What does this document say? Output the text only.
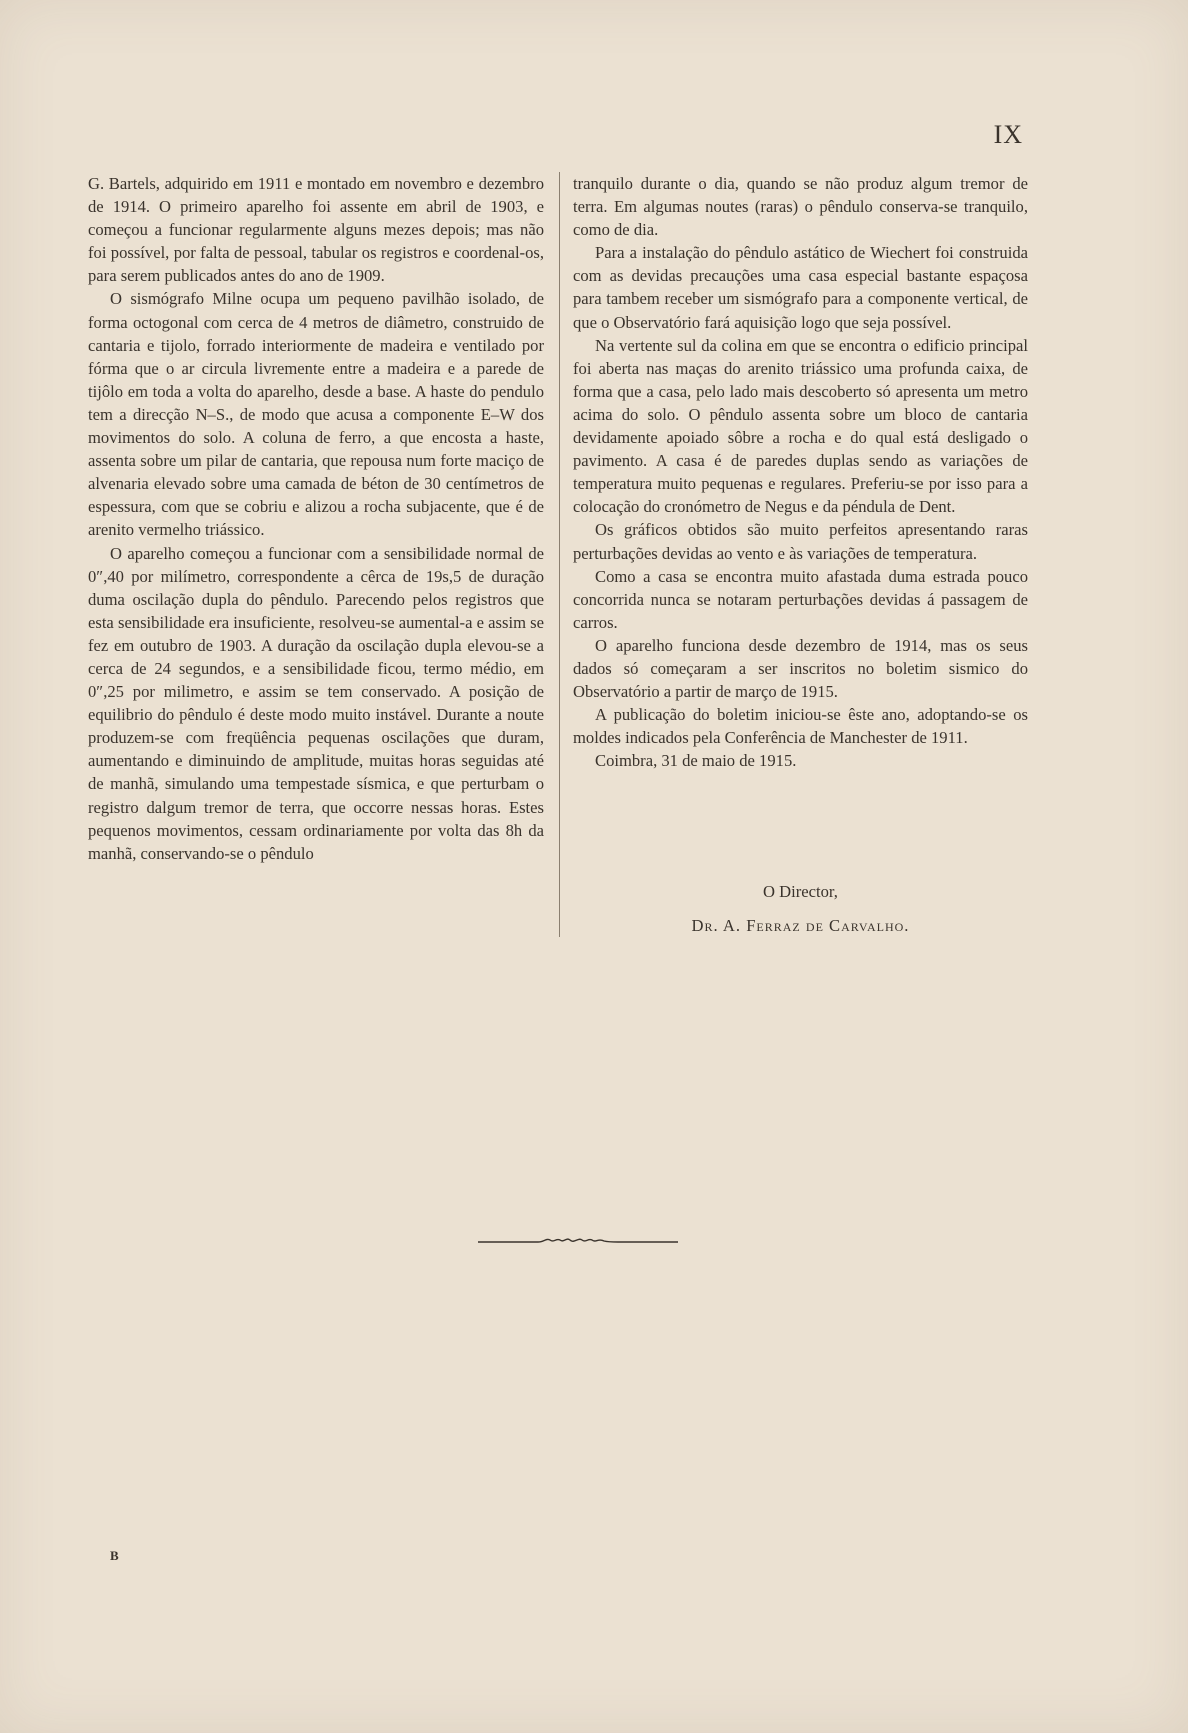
IX

G. Bartels, adquirido em 1911 e montado em novembro e dezembro de 1914. O primeiro aparelho foi assente em abril de 1903, e começou a funcionar regularmente alguns mezes depois; mas não foi possível, por falta de pessoal, tabular os registros e coordenal-os, para serem publicados antes do ano de 1909.

O sismógrafo Milne ocupa um pequeno pavilhão isolado, de forma octogonal com cerca de 4 metros de diâmetro, construido de cantaria e tijolo, forrado interiormente de madeira e ventilado por fórma que o ar circula livremente entre a madeira e a parede de tijôlo em toda a volta do aparelho, desde a base. A haste do pendulo tem a direcção N–S., de modo que acusa a componente E–W dos movimentos do solo. A coluna de ferro, a que encosta a haste, assenta sobre um pilar de cantaria, que repousa num forte maciço de alvenaria elevado sobre uma camada de béton de 30 centímetros de espessura, com que se cobriu e alizou a rocha subjacente, que é de arenito vermelho triássico.

O aparelho começou a funcionar com a sensibilidade normal de 0″,40 por milímetro, correspondente a cêrca de 19s,5 de duração duma oscilação dupla do pêndulo. Parecendo pelos registros que esta sensibilidade era insuficiente, resolveu-se aumental-a e assim se fez em outubro de 1903. A duração da oscilação dupla elevou-se a cerca de 24 segundos, e a sensibilidade ficou, termo médio, em 0″,25 por milimetro, e assim se tem conservado. A posição de equilibrio do pêndulo é deste modo muito instável. Durante a noute produzem-se com freqüência pequenas oscilações que duram, aumentando e diminuindo de amplitude, muitas horas seguidas até de manhã, simulando uma tempestade sísmica, e que perturbam o registro dalgum tremor de terra, que occorre nessas horas. Estes pequenos movimentos, cessam ordinariamente por volta das 8h da manhã, conservando-se o pêndulo

tranquilo durante o dia, quando se não produz algum tremor de terra. Em algumas noutes (raras) o pêndulo conserva-se tranquilo, como de dia.

Para a instalação do pêndulo astático de Wiechert foi construida com as devidas precauções uma casa especial bastante espaçosa para tambem receber um sismógrafo para a componente vertical, de que o Observatório fará aquisição logo que seja possível.

Na vertente sul da colina em que se encontra o edificio principal foi aberta nas maças do arenito triássico uma profunda caixa, de forma que a casa, pelo lado mais descoberto só apresenta um metro acima do solo. O pêndulo assenta sobre um bloco de cantaria devidamente apoiado sôbre a rocha e do qual está desligado o pavimento. A casa é de paredes duplas sendo as variações de temperatura muito pequenas e regulares. Preferiu-se por isso para a colocação do cronómetro de Negus e da péndula de Dent.

Os gráficos obtidos são muito perfeitos apresentando raras perturbações devidas ao vento e às variações de temperatura.

Como a casa se encontra muito afastada duma estrada pouco concorrida nunca se notaram perturbações devidas á passagem de carros.

O aparelho funciona desde dezembro de 1914, mas os seus dados só começaram a ser inscritos no boletim sismico do Observatório a partir de março de 1915.

A publicação do boletim iniciou-se êste ano, adoptando-se os moldes indicados pela Conferência de Manchester de 1911.

Coimbra, 31 de maio de 1915.

O Director,
Dr. A. Ferraz de Carvalho.
B
